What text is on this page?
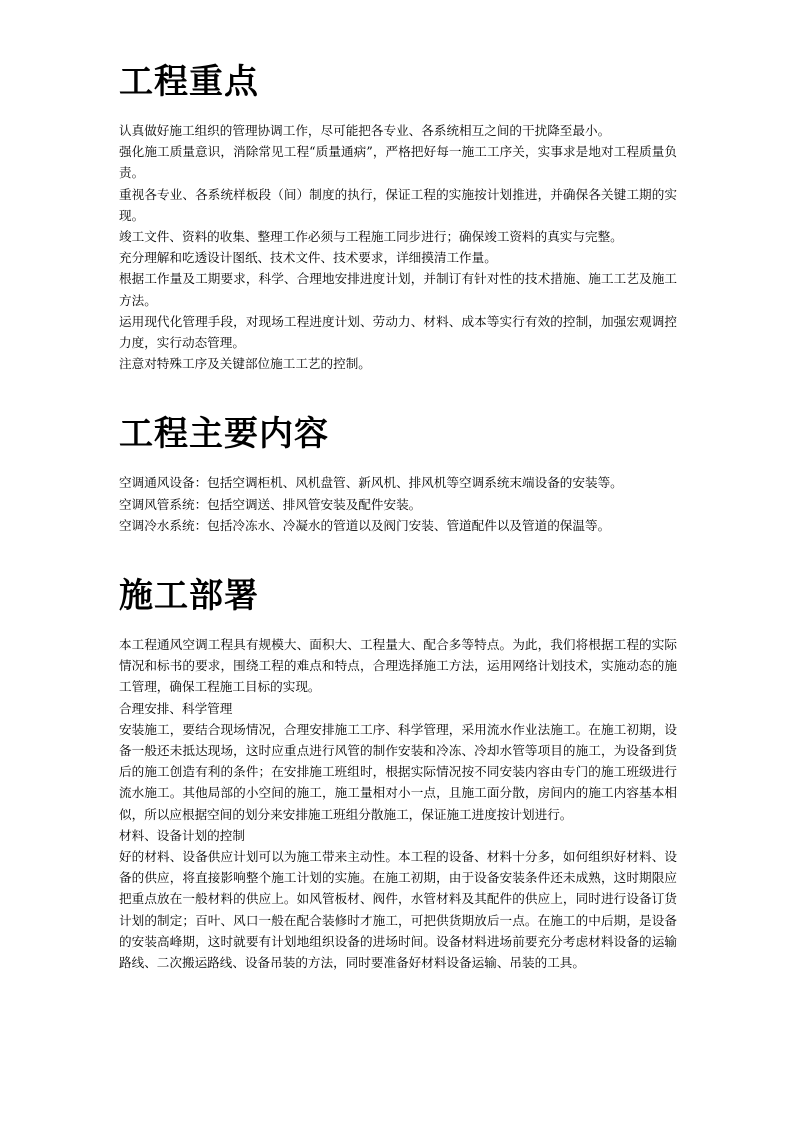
工程重点

认真做好施工组织的管理协调工作，尽可能把各专业、各系统相互之间的干扰降至最小。

强化施工质量意识，消除常见工程“质量通病”，严格把好每一施工工序关，实事求是地对工程质量负责。

重视各专业、各系统样板段（间）制度的执行，保证工程的实施按计划推进，并确保各关键工期的实现。

竣工文件、资料的收集、整理工作必须与工程施工同步进行；确保竣工资料的真实与完整。

充分理解和吃透设计图纸、技术文件、技术要求，详细摸清工作量。

根据工作量及工期要求，科学、合理地安排进度计划，并制订有针对性的技术措施、施工工艺及施工方法。

运用现代化管理手段，对现场工程进度计划、劳动力、材料、成本等实行有效的控制，加强宏观调控力度，实行动态管理。

注意对特殊工序及关键部位施工工艺的控制。

工程主要内容

空调通风设备：包括空调柜机、风机盘管、新风机、排风机等空调系统末端设备的安装等。

空调风管系统：包括空调送、排风管安装及配件安装。

空调冷水系统：包括冷冻水、冷凝水的管道以及阀门安装、管道配件以及管道的保温等。

施工部署

本工程通风空调工程具有规模大、面积大、工程量大、配合多等特点。为此，我们将根据工程的实际情况和标书的要求，围绕工程的难点和特点，合理选择施工方法，运用网络计划技术，实施动态的施工管理，确保工程施工目标的实现。

合理安排、科学管理

安装施工，要结合现场情况，合理安排施工工序、科学管理，采用流水作业法施工。在施工初期，设备一般还未抵达现场，这时应重点进行风管的制作安装和冷冻、冷却水管等项目的施工，为设备到货后的施工创造有利的条件；在安排施工班组时，根据实际情况按不同安装内容由专门的施工班级进行流水施工。其他局部的小空间的施工，施工量相对小一点，且施工面分散，房间内的施工内容基本相似，所以应根据空间的划分来安排施工班组分散施工，保证施工进度按计划进行。

材料、设备计划的控制

好的材料、设备供应计划可以为施工带来主动性。本工程的设备、材料十分多，如何组织好材料、设备的供应，将直接影响整个施工计划的实施。在施工初期，由于设备安装条件还未成熟，这时期限应把重点放在一般材料的供应上。如风管板材、阀件，水管材料及其配件的供应上，同时进行设备订货计划的制定；百叶、风口一般在配合装修时才施工，可把供货期放后一点。在施工的中后期，是设备的安装高峰期，这时就要有计划地组织设备的进场时间。设备材料进场前要充分考虑材料设备的运输路线、二次搬运路线、设备吊装的方法，同时要准备好材料设备运输、吊装的工具。
